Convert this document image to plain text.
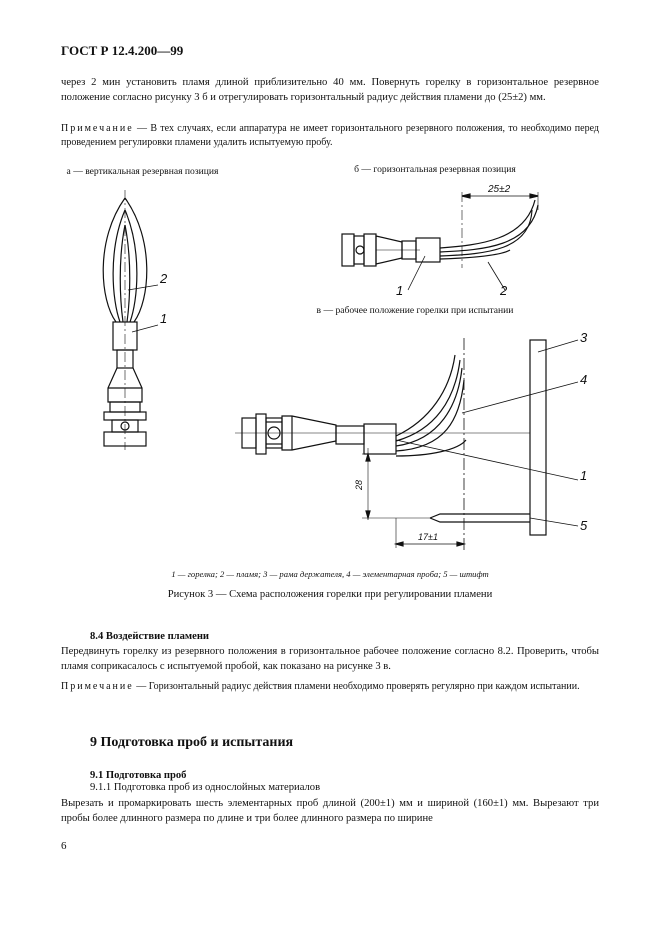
ГОСТ Р 12.4.200—99
через 2 мин установить пламя длиной приблизительно 40 мм. Повернуть горелку в горизонтальное резервное положение согласно рисунку 3 б и отрегулировать горизонтальный радиус действия пламени до (25±2) мм.
Примечание — В тех случаях, если аппаратура не имеет горизонтального резервного положения, то необходимо перед проведением регулировки пламени удалить испытуемую пробу.
а — вертикальная резервная позиция	б — горизонтальная резервная позиция
в — рабочее положение горелки при испытании
2
1
25±2
1	2
3
4
1
5
28
17±1
1 — горелка; 2 — пламя; 3 — рама держателя, 4 — элементарная проба; 5 — штифт
Рисунок 3 — Схема расположения горелки при регулировании пламени
8.4 Воздействие пламени
Передвинуть горелку из резервного положения в горизонтальное рабочее положение согласно 8.2. Проверить, чтобы пламя соприкасалось с испытуемой пробой, как показано на рисунке 3 в.
Примечание — Горизонтальный радиус действия пламени необходимо проверять регулярно при каждом испытании.
9 Подготовка проб и испытания
9.1 Подготовка проб
9.1.1 Подготовка проб из однослойных материалов
Вырезать и промаркировать шесть элементарных проб длиной (200±1) мм и шириной (160±1) мм. Вырезают три пробы более длинного размера по длине и три более длинного размера по ширине
6
